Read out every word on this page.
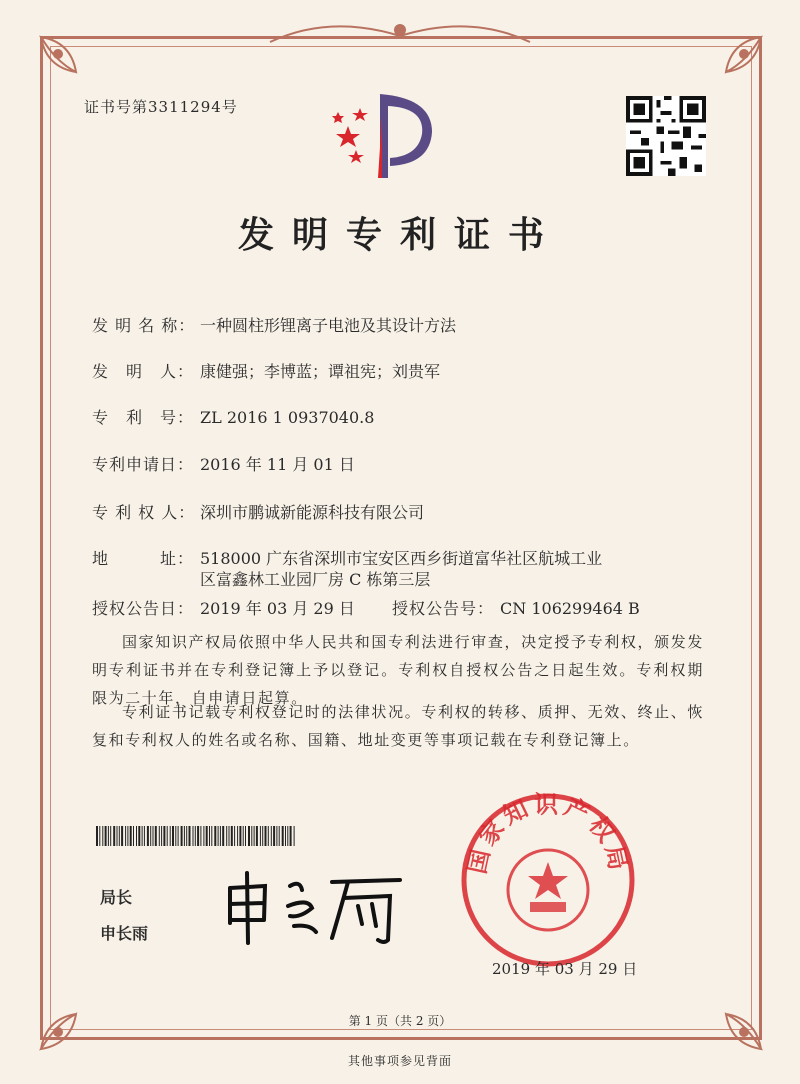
证书号第3311294号
发明专利证书
发 明 名 称： 一种圆柱形锂离子电池及其设计方法
发　明　人： 康健强；李博蓝；谭祖宪；刘贵军
专　利　号： ZL 2016 1 0937040.8
专利申请日： 2016 年 11 月 01 日
专 利 权 人： 深圳市鹏诚新能源科技有限公司
地　　　址： 518000 广东省深圳市宝安区西乡街道富华社区航城工业
区富鑫林工业园厂房 C 栋第三层
授权公告日： 2019 年 03 月 29 日 授权公告号： CN 106299464 B
国家知识产权局依照中华人民共和国专利法进行审查，决定授予专利权，颁发发明专利证书并在专利登记簿上予以登记。专利权自授权公告之日起生效。专利权期限为二十年，自申请日起算。
专利证书记载专利权登记时的法律状况。专利权的转移、质押、无效、终止、恢复和专利权人的姓名或名称、国籍、地址变更等事项记载在专利登记簿上。
局长
申长雨
国家知识产权局
2019 年 03 月 29 日
第 1 页（共 2 页）
其他事项参见背面
